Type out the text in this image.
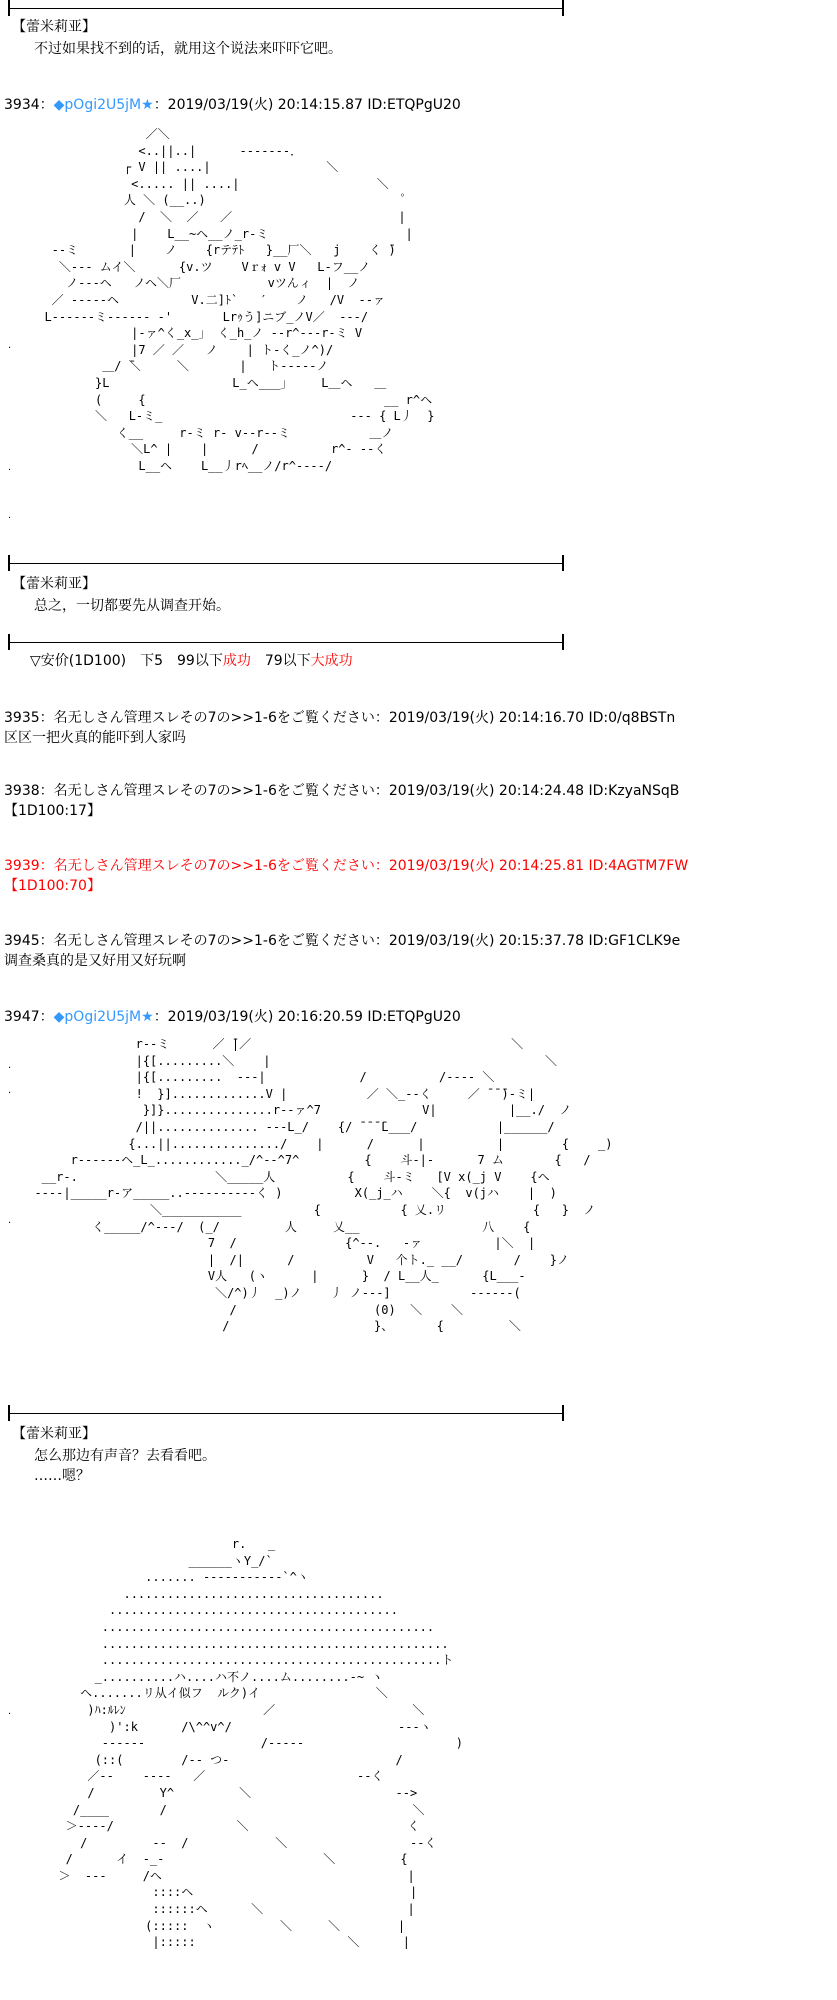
【蕾米莉亚】
不过如果找不到的话，就用这个说法来吓吓它吧。
3934：◆pOgi2U5jM★：2019/03/19(火) 20:14:15.87 ID:ETQPgU20
／＼
<..||..|      ‐‐‐‐‐‐‐．
┌ V || ....|                ＼
<..... || ....|                   ＼
人 ＼ (__..)                           ゜
/  ＼  ／   ／                       |
|    L__~ヘ__ノ_r‐ミ                   |
‐‐ミ       |    ノ    {rテﾃﾄ   }__厂＼   j    く ̄)
＼‐‐‐ ムイ＼      {v.ツ    Vｒｫ v V   L‐フ__ノ
ノ‐‐‐ヘ   ノヘ＼厂            vツんィ  |  ノ
／ ‐‐‐‐‐ヘ          V.二]ﾄ`   ′    ノ   /V  ‐‐ァ
L‐‐‐‐‐‐ミ‐‐‐‐‐‐ ‐'       Lrｩう]ニブ_ノV／  ‐‐‐/
|‐ァ^く_x_」 く_h_ノ ‐‐r^‐‐‐r‐ミ V
|7 ／ ／   ノ    | ト‐く_ノ^)/
＿/ ̄＼     ＼       |   ト‐‐‐‐‐ノ
}L                 L_ヘ___」    L＿ヘ   ＿
(     {                                 __ r^ヘ
＼   L‐ミ_                          ‐‐‐ { L丿  }
く__     r‐ミ r‐ v‐‐r‐‐ミ           ＿ノ
＼L^ |    |      /          r^‐ ‐‐く
L__ヘ    L__丿rﾍ__ノ/r^‐‐‐‐/

.
.
.
【蕾米莉亚】
总之，一切都要先从调查开始。
▽安价(1D100)　下5　99以下成功　79以下大成功
3935：名无しさん管理スレその7の>>1-6をご覧ください：2019/03/19(火) 20:14:16.70 ID:0/q8BSTn
区区一把火真的能吓到人家吗
3938：名无しさん管理スレその7の>>1-6をご覧ください：2019/03/19(火) 20:14:24.48 ID:KzyaNSqB
【1D100:17】
3939：名无しさん管理スレその7の>>1-6をご覧ください：2019/03/19(火) 20:14:25.81 ID:4AGTM7FW
【1D100:70】
3945：名无しさん管理スレその7の>>1-6をご覧ください：2019/03/19(火) 20:15:37.78 ID:GF1CLK9e
调查桑真的是又好用又好玩啊
3947：◆pOgi2U5jM★：2019/03/19(火) 20:16:20.59 ID:ETQPgU20
r‐‐ミ      ／ ̄|／                                    ＼
|{[.........＼    |                                      ＼
|{[.........  ‐‐‐|             /          /‐‐‐‐ ＼
!  }].............V |           ／ ＼_‐‐く     ／ ̄ ̄ ̄)‐ミ|
}]}...............r‐‐ァ^7              V|          |__./  ノ
/||.............. ‐‐‐L_/    {/ ̄ ̄ ̄ ̄L___/           |______/
{...||.............../    |      /      |          |        {    _)
r‐‐‐‐‐‐ヘ_L_............_/^‐‐^7^         {    斗‐|‐      7 ム       {   /
__r‐.                   ＼_____人          {    斗‐ミ   [V x(_j V    {ヘ
‐‐‐‐|_____r‐ア_____..‐‐‐‐‐‐‐‐‐‐く )          X(_j_ハ    ＼{  v(jハ    |  )
＼___________          {           { 乂.リ            {   }  ノ
く_____/^‐‐‐/  (_/         人     乂__                 八    {
7  /               {^‐‐.   ‐ァ          |＼  |
|  /|      /          V   个ト._ __/       /    }ノ
V人   (ヽ      |      }  / L__人_      {L___‐
＼/^)丿  _)ノ    丿 ノ‐‐‐]           ‐‐‐‐‐‐(
/                   (0)  ＼    ＼
/                    }、      {         ＼

.
.
.
【蕾米莉亚】
怎么那边有声音？去看看吧。
……嗯？
r.   _
______ヽY_/`
....... ‐‐‐‐‐‐‐‐‐‐‐`^ヽ
....................................
........................................
..............................................
................................................
...............................................ト
_..........ハ....ハ不ノ....ム........‐~ ヽ
ヘ.......リ从イ似フ  ルク)イ                ＼
)ﾊ:ﾙﾚﾝ                   ／                   ＼
)':k      /\^^v^/                       ‐‐‐ヽ
‐‐‐‐‐‐                /‐‐‐‐‐                     )
(::(        /‐‐ つ‐                       /
／‐‐    ‐‐‐‐   ／                     ‐‐く
/         Y^         ＼                    ‐‐>
/____       /                                  ＼
＞‐‐‐‐/                 ＼                      く
/         ‐‐  /            ＼                 ‐‐く
/      イ  ‐_‐                      ＼         {
＞  ‐‐‐     /ヘ                                  |
::::ヘ                              |
::::::ヘ      ＼                    |
(:::::  ヽ         ＼     ＼        |
|:::::                     ＼      |

.
